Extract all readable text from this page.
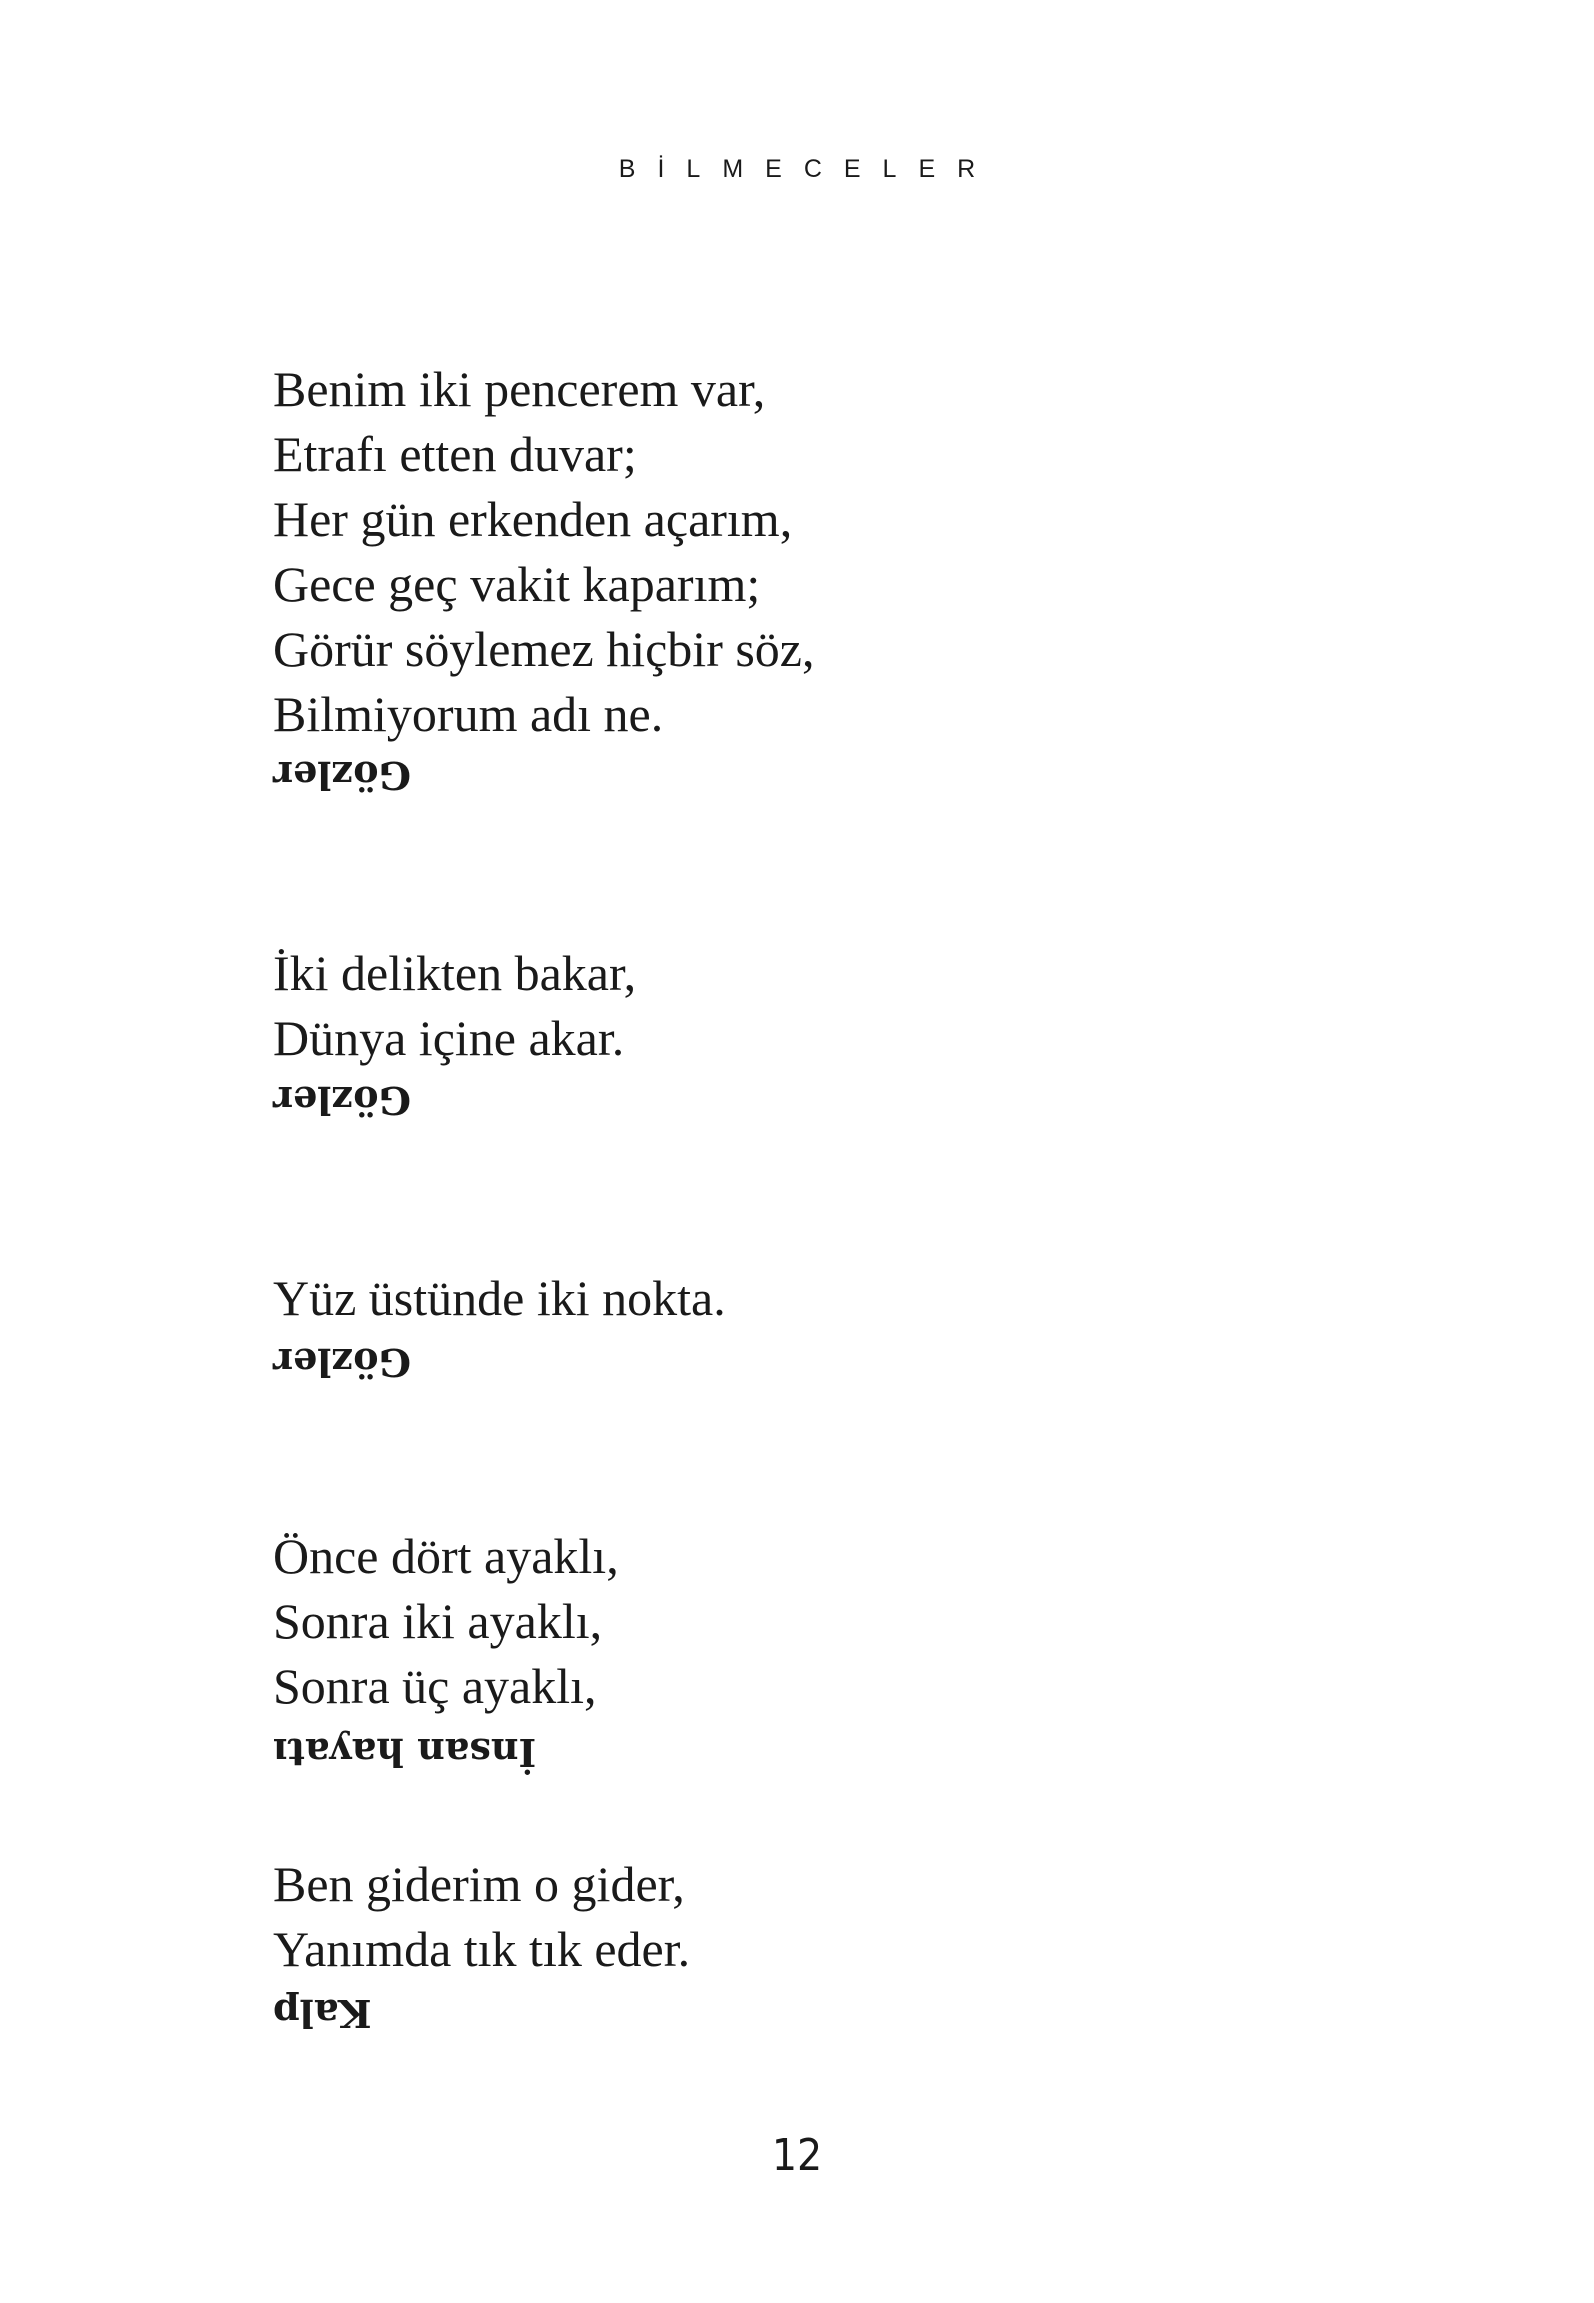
BİLMECELER
Benim iki pencerem var,
Etrafı etten duvar;
Her gün erkenden açarım,
Gece geç vakit kaparım;
Görür söylemez hiçbir söz,
Bilmiyorum adı ne.
Gözler
İki delikten bakar,
Dünya içine akar.
Gözler
Yüz üstünde iki nokta.
Gözler
Önce dört ayaklı,
Sonra iki ayaklı,
Sonra üç ayaklı,
İnsan hayatı
Ben giderim o gider,
Yanımda tık tık eder.
Kalp
12
